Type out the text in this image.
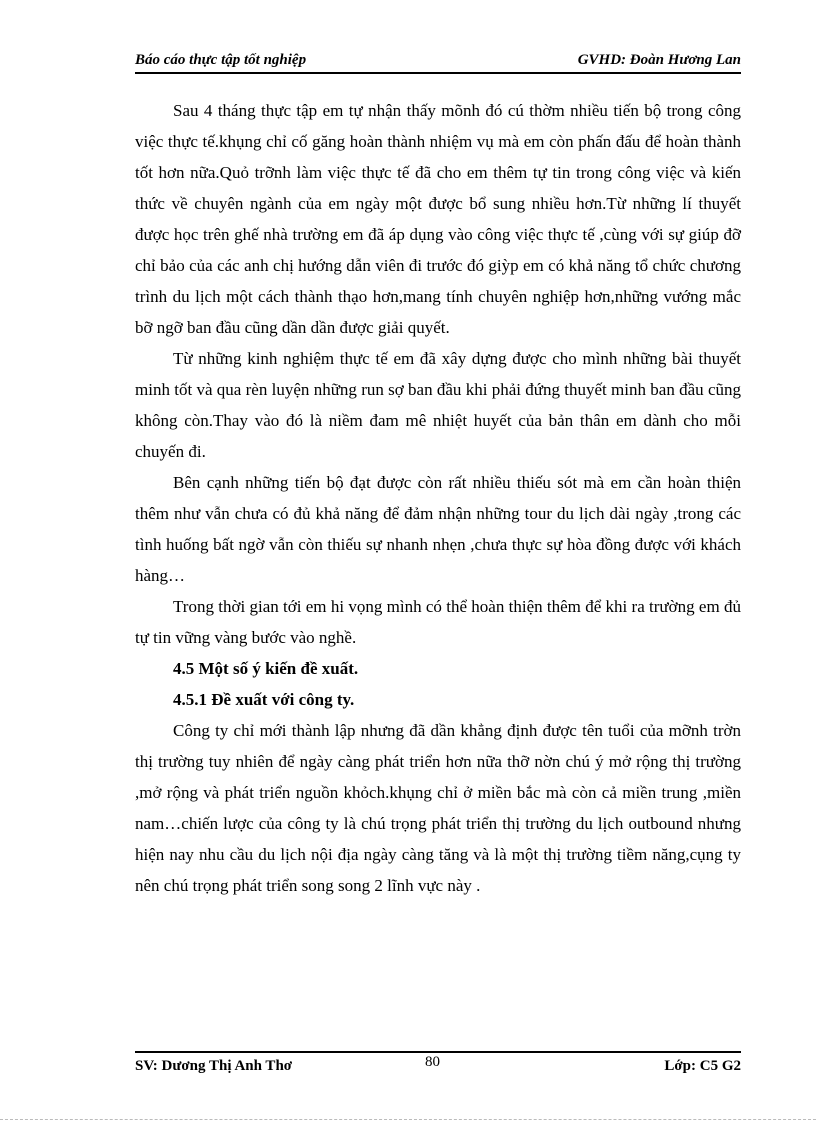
Báo cáo thực tập tốt nghiệp	GVHD: Đoàn Hương Lan

Sau 4 tháng thực tập em tự nhận thấy mõnh đó cú thờm nhiều tiến bộ trong công việc thực tế.khụng chỉ cố găng hoàn thành nhiệm vụ mà em còn phấn đấu để hoàn thành tốt hơn nữa.Quỏ trỡnh làm việc thực tế đã cho em thêm tự tin trong công việc và kiến thức về chuyên ngành của em ngày một được bổ sung nhiều hơn.Từ những lí thuyết được học trên ghế nhà trường em đã áp dụng vào công việc thực tế ,cùng với sự giúp đỡ chỉ bảo của các anh chị hướng dẫn viên đi trước đó giỳp em có khả năng tổ chức chương trình du lịch một cách thành thạo hơn,mang tính chuyên nghiệp hơn,những vướng mắc bỡ ngỡ ban đầu cũng dần dần được giải quyết.

Từ những kinh nghiệm thực tế em đã xây dựng được cho mình những bài thuyết minh tốt và qua rèn luyện những run sợ ban đầu khi phải đứng thuyết minh ban đầu cũng không còn.Thay vào đó là niềm đam mê nhiệt huyết của bản thân em dành cho mỗi chuyến đi.

Bên cạnh những tiến bộ đạt được còn rất nhiều thiếu sót mà em cần hoàn thiện thêm như vẫn chưa có đủ khả năng để đảm nhận những tour du lịch dài ngày ,trong các tình huống bất ngờ vẫn còn thiếu sự nhanh nhẹn ,chưa thực sự hòa đồng được với khách hàng…

Trong thời gian tới em hi vọng mình có thể hoàn thiện thêm để khi ra trường em đủ tự tin vững vàng bước vào nghề.

4.5 Một số ý kiến đề xuất.

4.5.1 Đề xuất với công ty.

Công ty chỉ mới thành lập nhưng đã dần khẳng định được tên tuổi của mỡnh trờn thị trường tuy nhiên để ngày càng phát triển hơn nữa thỡ nờn chú ý mở rộng thị trường ,mở rộng và phát triển nguồn khỏch.khụng chỉ ở miền bắc mà còn cả miền trung ,miền nam…chiến lược của công ty là chú trọng phát triển thị trường du lịch outbound nhưng hiện nay nhu cầu du lịch nội địa ngày càng tăng và là một thị trường tiềm năng,cụng ty nên chú trọng phát triển song song 2 lĩnh vực này .

SV: Dương Thị Anh Thơ	80	Lớp: C5 G2
